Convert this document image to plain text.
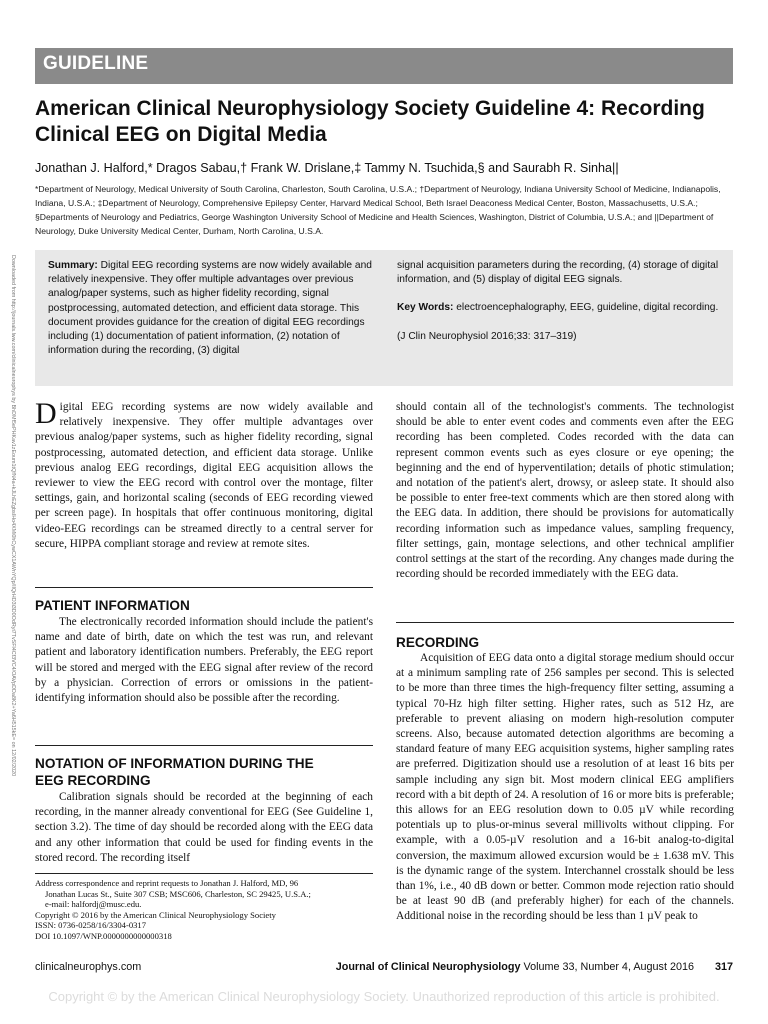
GUIDELINE
American Clinical Neurophysiology Society Guideline 4: Recording Clinical EEG on Digital Media
Jonathan J. Halford,* Dragos Sabau,† Frank W. Drislane,‡ Tammy N. Tsuchida,§ and Saurabh R. Sinha||
*Department of Neurology, Medical University of South Carolina, Charleston, South Carolina, U.S.A.; †Department of Neurology, Indiana University School of Medicine, Indianapolis, Indiana, U.S.A.; ‡Department of Neurology, Comprehensive Epilepsy Center, Harvard Medical School, Beth Israel Deaconess Medical Center, Boston, Massachusetts, U.S.A.; §Departments of Neurology and Pediatrics, George Washington University School of Medicine and Health Sciences, Washington, District of Columbia, U.S.A.; and ||Department of Neurology, Duke University Medical Center, Durham, North Carolina, U.S.A.
Downloaded from http://journals.lww.com/clinicalneurophys by BhDMf5ePHKav1zEoum1tQfN4a+kJLhEZgbsIHo4XMi0hCywCX1AWnYQp/IlQrHD3i3D0OdRyi7TvSFl4Cf3VC4/OAVpDDa8K2+Ya6H515kE= on 12/02/2020	Summary: Digital EEG recording systems are now widely available and relatively inexpensive. They offer multiple advantages over previous analog/paper systems, such as higher fidelity recording, signal postprocessing, automated detection, and efficient data storage. This document provides guidance for the creation of digital EEG recordings including (1) documentation of patient information, (2) notation of information during the recording, (3) digital
signal acquisition parameters during the recording, (4) storage of digital information, and (5) display of digital EEG signals.
Key Words: electroencephalography, EEG, guideline, digital recording.
(J Clin Neurophysiol 2016;33: 317–319)
Digital EEG recording systems are now widely available and relatively inexpensive. They offer multiple advantages over previous analog/paper systems, such as higher fidelity recording, signal postprocessing, automated detection, and efficient data storage. Unlike previous analog EEG recordings, digital EEG acquisition allows the reviewer to view the EEG record with control over the montage, filter settings, gain, and horizontal scaling (seconds of EEG recording viewed per screen page). In hospitals that offer continuous monitoring, digital video-EEG recordings can be streamed directly to a central server for secure, HIPPA compliant storage and review at remote sites.
PATIENT INFORMATION

The electronically recorded information should include the patient's name and date of birth, date on which the test was run, and relevant patient and laboratory identification numbers. Preferably, the EEG report will be stored and merged with the EEG signal after review of the record by a physician. Correction of errors or omissions in the patient-identifying information should also be possible after the recording.

NOTATION OF INFORMATION DURING THE
EEG RECORDING

Calibration signals should be recorded at the beginning of each recording, in the manner already conventional for EEG (See Guideline 1, section 3.2). The time of day should be recorded along with the EEG data and any other information that could be used for finding events in the stored record. The recording itself

Address correspondence and reprint requests to Jonathan J. Halford, MD, 96
Jonathan Lucas St., Suite 307 CSB; MSC606, Charleston, SC 29425, U.S.A.;
e-mail: halfordj@musc.edu.
Copyright © 2016 by the American Clinical Neurophysiology Society
ISSN: 0736-0258/16/3304-0317
DOI 10.1097/WNP.0000000000000318

should contain all of the technologist's comments. The technologist should be able to enter event codes and comments even after the EEG recording has been completed. Codes recorded with the data can represent common events such as eyes closure or eye opening; the beginning and the end of hyperventilation; details of photic stimulation; and notation of the patient's alert, drowsy, or asleep state. It should also be possible to enter free-text comments which are then stored along with the EEG data. In addition, there should be provisions for automatically recording information such as impedance values, sampling frequency, filter settings, gain, montage selections, and other technical amplifier control settings at the start of the recording. Any changes made during the recording should be recorded immediately with the EEG data.

RECORDING

Acquisition of EEG data onto a digital storage medium should occur at a minimum sampling rate of 256 samples per second. This is selected to be more than three times the high-frequency filter setting, assuming a typical 70-Hz high filter setting. Higher rates, such as 512 Hz, are preferable to prevent aliasing on modern high-resolution computer screens. Also, because automated detection algorithms are becoming a standard feature of many EEG acquisition systems, higher sampling rates are preferred. Digitization should use a resolution of at least 16 bits per sample including any sign bit. Most modern clinical EEG amplifiers record with a bit depth of 24. A resolution of 16 or more bits is preferable; this allows for an EEG resolution down to 0.05 µV while recording potentials up to plus-or-minus several millivolts without clipping. For example, with a 0.05-µV resolution and a 16-bit analog-to-digital conversion, the maximum allowed excursion would be ± 1.638 mV. This is the dynamic range of the system. Interchannel crosstalk should be less than 1%, i.e., 40 dB down or better. Common mode rejection ratio should be at least 90 dB (and preferably higher) for each of the channels. Additional noise in the recording should be less than 1 µV peak to

clinicalneurophys.com	Journal of Clinical Neurophysiology Volume 33, Number 4, August 2016 317
Copyright © by the American Clinical Neurophysiology Society. Unauthorized reproduction of this article is prohibited.
